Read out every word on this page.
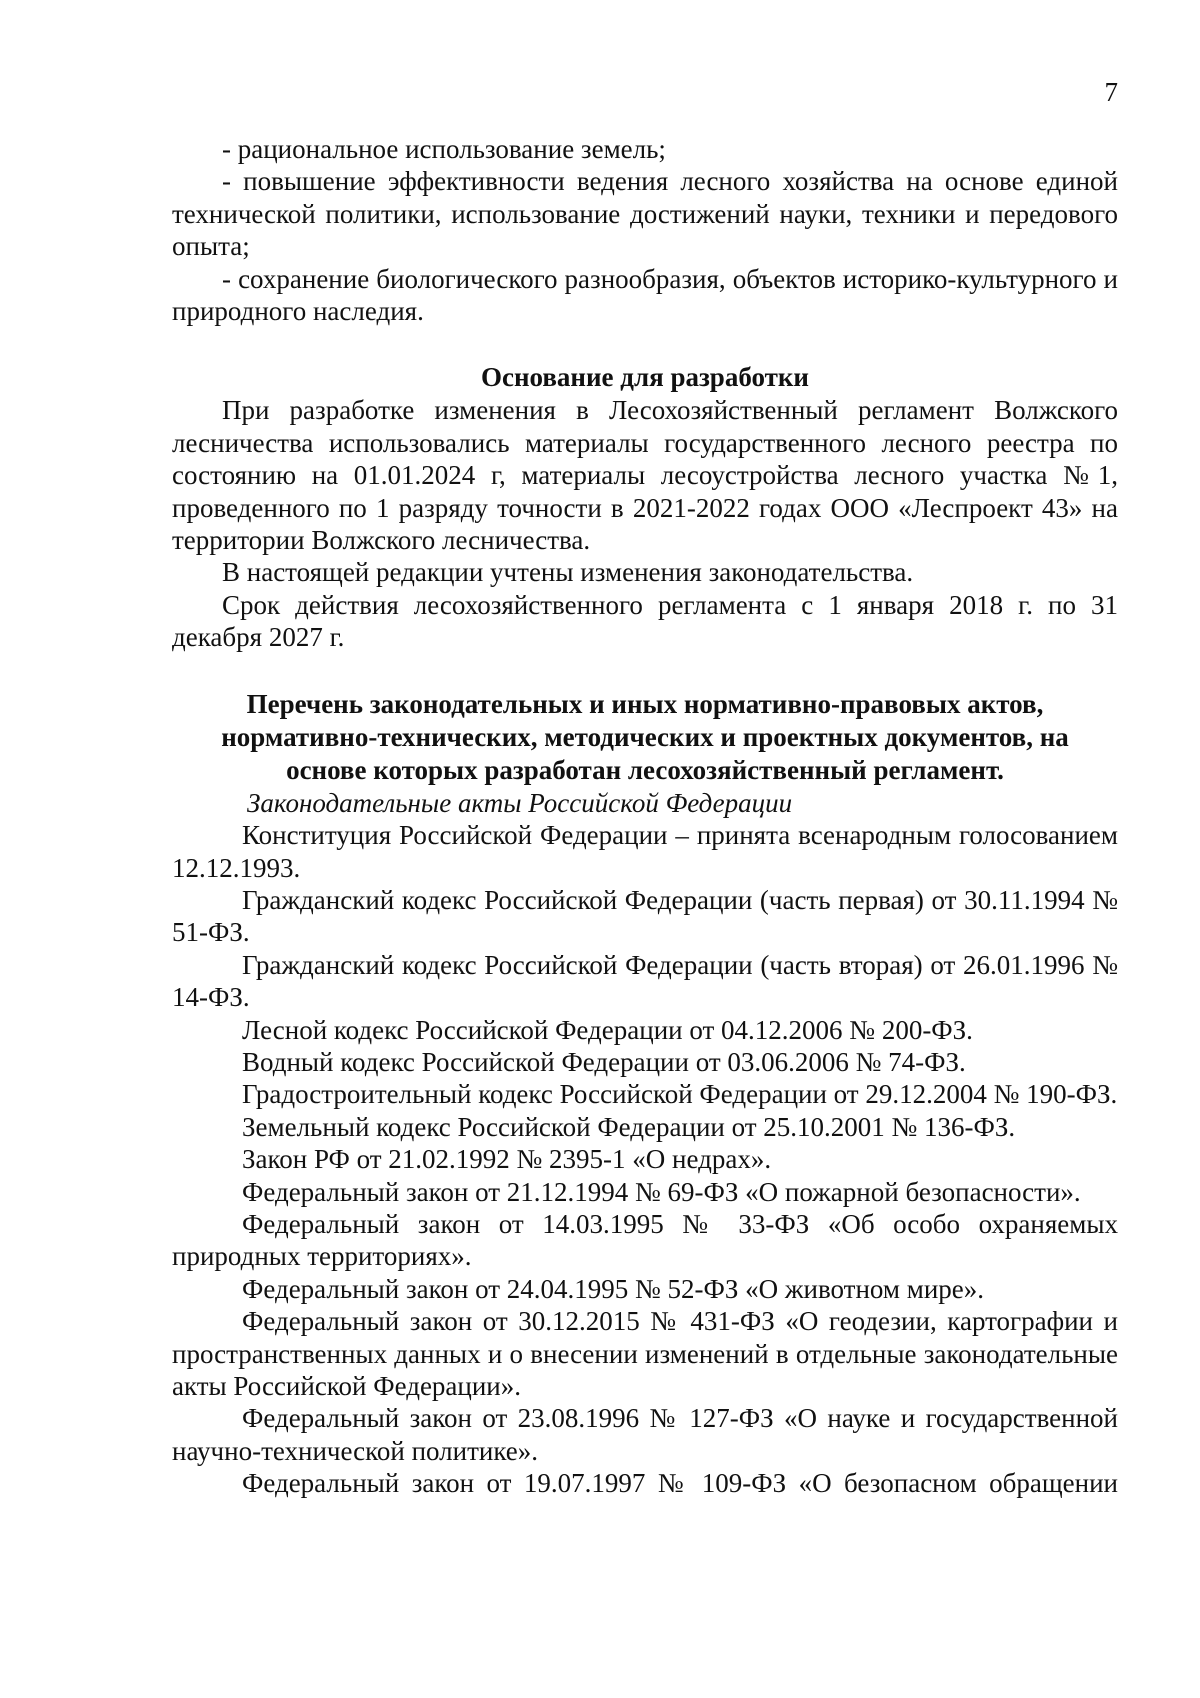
7

- рациональное использование земель;

- повышение эффективности ведения лесного хозяйства на основе единой технической политики, использование достижений науки, техники и передового опыта;

- сохранение биологического разнообразия, объектов историко-культурного и природного наследия.

Основание для разработки

При разработке изменения в Лесохозяйственный регламент Волжского лесничества использовались материалы государственного лесного реестра по состоянию на 01.01.2024 г, материалы лесоустройства лесного участка №1, проведенного по 1 разряду точности в 2021-2022 годах ООО «Леспроект 43» на территории Волжского лесничества.

В настоящей редакции учтены изменения законодательства.

Срок действия лесохозяйственного регламента с 1 января 2018 г. по 31 декабря 2027 г.

Перечень законодательных и иных нормативно-правовых актов,
нормативно-технических, методических и проектных документов, на
основе которых разработан лесохозяйственный регламент.

Законодательные акты Российской Федерации

Конституция Российской Федерации – принята всенародным голосованием 12.12.1993.

Гражданский кодекс Российской Федерации (часть первая) от 30.11.1994 № 51-ФЗ.

Гражданский кодекс Российской Федерации (часть вторая) от 26.01.1996 № 14-ФЗ.

Лесной кодекс Российской Федерации от 04.12.2006 № 200-ФЗ.

Водный кодекс Российской Федерации от 03.06.2006 № 74-ФЗ.

Градостроительный кодекс Российской Федерации от 29.12.2004 № 190-ФЗ.

Земельный кодекс Российской Федерации от 25.10.2001 № 136-ФЗ.

Закон РФ от 21.02.1992 № 2395-1 «О недрах».

Федеральный закон от 21.12.1994 № 69-ФЗ «О пожарной безопасности».

Федеральный закон от 14.03.1995 № 33-ФЗ «Об особо охраняемых природных территориях».

Федеральный закон от 24.04.1995 № 52-ФЗ «О животном мире».

Федеральный закон от 30.12.2015 № 431-ФЗ «О геодезии, картографии и пространственных данных и о внесении изменений в отдельные законодательные акты Российской Федерации».

Федеральный закон от 23.08.1996 № 127-ФЗ «О науке и государственной научно-технической политике».

Федеральный закон от 19.07.1997 № 109-ФЗ «О безопасном обращении
